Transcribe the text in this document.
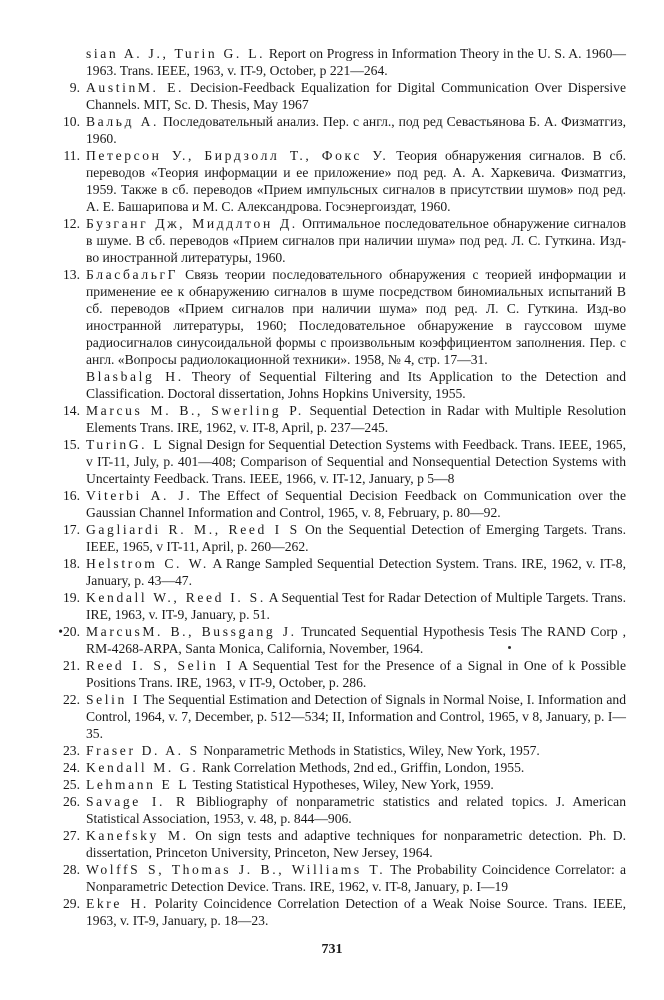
sian A. J., Turin G. L. Report on Progress in Information Theory in the U. S. A. 1960—1963. Trans. IEEE, 1963, v. IT-9, October, p 221—264.
9. AustinM. E. Decision-Feedback Equalization for Digital Communication Over Dispersive Channels. MIT, Sc. D. Thesis, May 1967
10. Вальд А. Последовательный анализ. Пер. с англ., под ред Севастьянова Б. А. Физматгиз, 1960.
11. Петерсон У., Бирдзолл Т., Фокс У. Теория обнаружения сигналов. В сб. переводов «Теория информации и ее приложение» под ред. А. А. Харкевича. Физматгиз, 1959. Также в сб. переводов «Прием импульсных сигналов в присутствии шумов» под ред. А. Е. Башарипова и М. С. Александрова. Госэнергоиздат, 1960.
12. Бузганг Дж, Миддлтон Д. Оптимальное последовательное обнаружение сигналов в шуме. В сб. переводов «Прием сигналов при наличии шума» под ред. Л. С. Гуткина. Изд-во иностранной литературы, 1960.
13. БласбальгГ Связь теории последовательного обнаружения с теорией информации и применение ее к обнаружению сигналов в шуме посредством биномиальных испытаний В сб. переводов «Прием сигналов при наличии шума» под ред. Л. С. Гуткина. Изд-во иностранной литературы, 1960; Последовательное обнаружение в гауссовом шуме радиосигналов синусоидальной формы с произвольным коэффициентом заполнения. Пер. с англ. «Вопросы радиолокационной техники». 1958, № 4, стр. 17—31.
Blasbalg H. Theory of Sequential Filtering and Its Application to the Detection and Classification. Doctoral dissertation, Johns Hopkins University, 1955.
14. Marcus M. B., Swerling P. Sequential Detection in Radar with Multiple Resolution Elements Trans. IRE, 1962, v. IT-8, April, p. 237—245.
15. TurinG. L Signal Design for Sequential Detection Systems with Feedback. Trans. IEEE, 1965, v IT-11, July, p. 401—408; Comparison of Sequential and Nonsequential Detection Systems with Uncertainty Feedback. Trans. IEEE, 1966, v. IT-12, January, p 5—8
16. Viterbi A. J. The Effect of Sequential Decision Feedback on Communication over the Gaussian Channel Information and Control, 1965, v. 8, February, p. 80—92.
17. Gagliardi R. M., Reed I S On the Sequential Detection of Emerging Targets. Trans. IEEE, 1965, v IT-11, April, p. 260—262.
18. Helstrom C. W. A Range Sampled Sequential Detection System. Trans. IRE, 1962, v. IT-8, January, p. 43—47.
19. Kendall W., Reed I. S. A Sequential Test for Radar Detection of Multiple Targets. Trans. IRE, 1963, v. IT-9, January, p. 51.
•20. MarcusM. B., Bussgang J. Truncated Sequential Hypothesis Tesis The RAND Corp , RM-4268-ARPA, Santa Monica, California, November, 1964.
21. Reed I. S, Selin I A Sequential Test for the Presence of a Signal in One of k Possible Positions Trans. IRE, 1963, v IT-9, October, p. 286.
22. Selin I The Sequential Estimation and Detection of Signals in Normal Noise, I. Information and Control, 1964, v. 7, December, p. 512—534; II, Information and Control, 1965, v 8, January, p. I—35.
23. Fraser D. A. S Nonparametric Methods in Statistics, Wiley, New York, 1957.
24. Kendall M. G. Rank Correlation Methods, 2nd ed., Griffin, London, 1955.
25. Lehmann E L Testing Statistical Hypotheses, Wiley, New York, 1959.
26. Savage I. R Bibliography of nonparametric statistics and related topics. J. American Statistical Association, 1953, v. 48, p. 844—906.
27. Kanefsky M. On sign tests and adaptive techniques for nonparametric detection. Ph. D. dissertation, Princeton University, Princeton, New Jersey, 1964.
28. WolffS S, Thomas J. B., Williams T. The Probability Coincidence Correlator: a Nonparametric Detection Device. Trans. IRE, 1962, v. IT-8, January, p. I—19
29. Ekre H. Polarity Coincidence Correlation Detection of a Weak Noise Source. Trans. IEEE, 1963, v. IT-9, January, p. 18—23.
731
